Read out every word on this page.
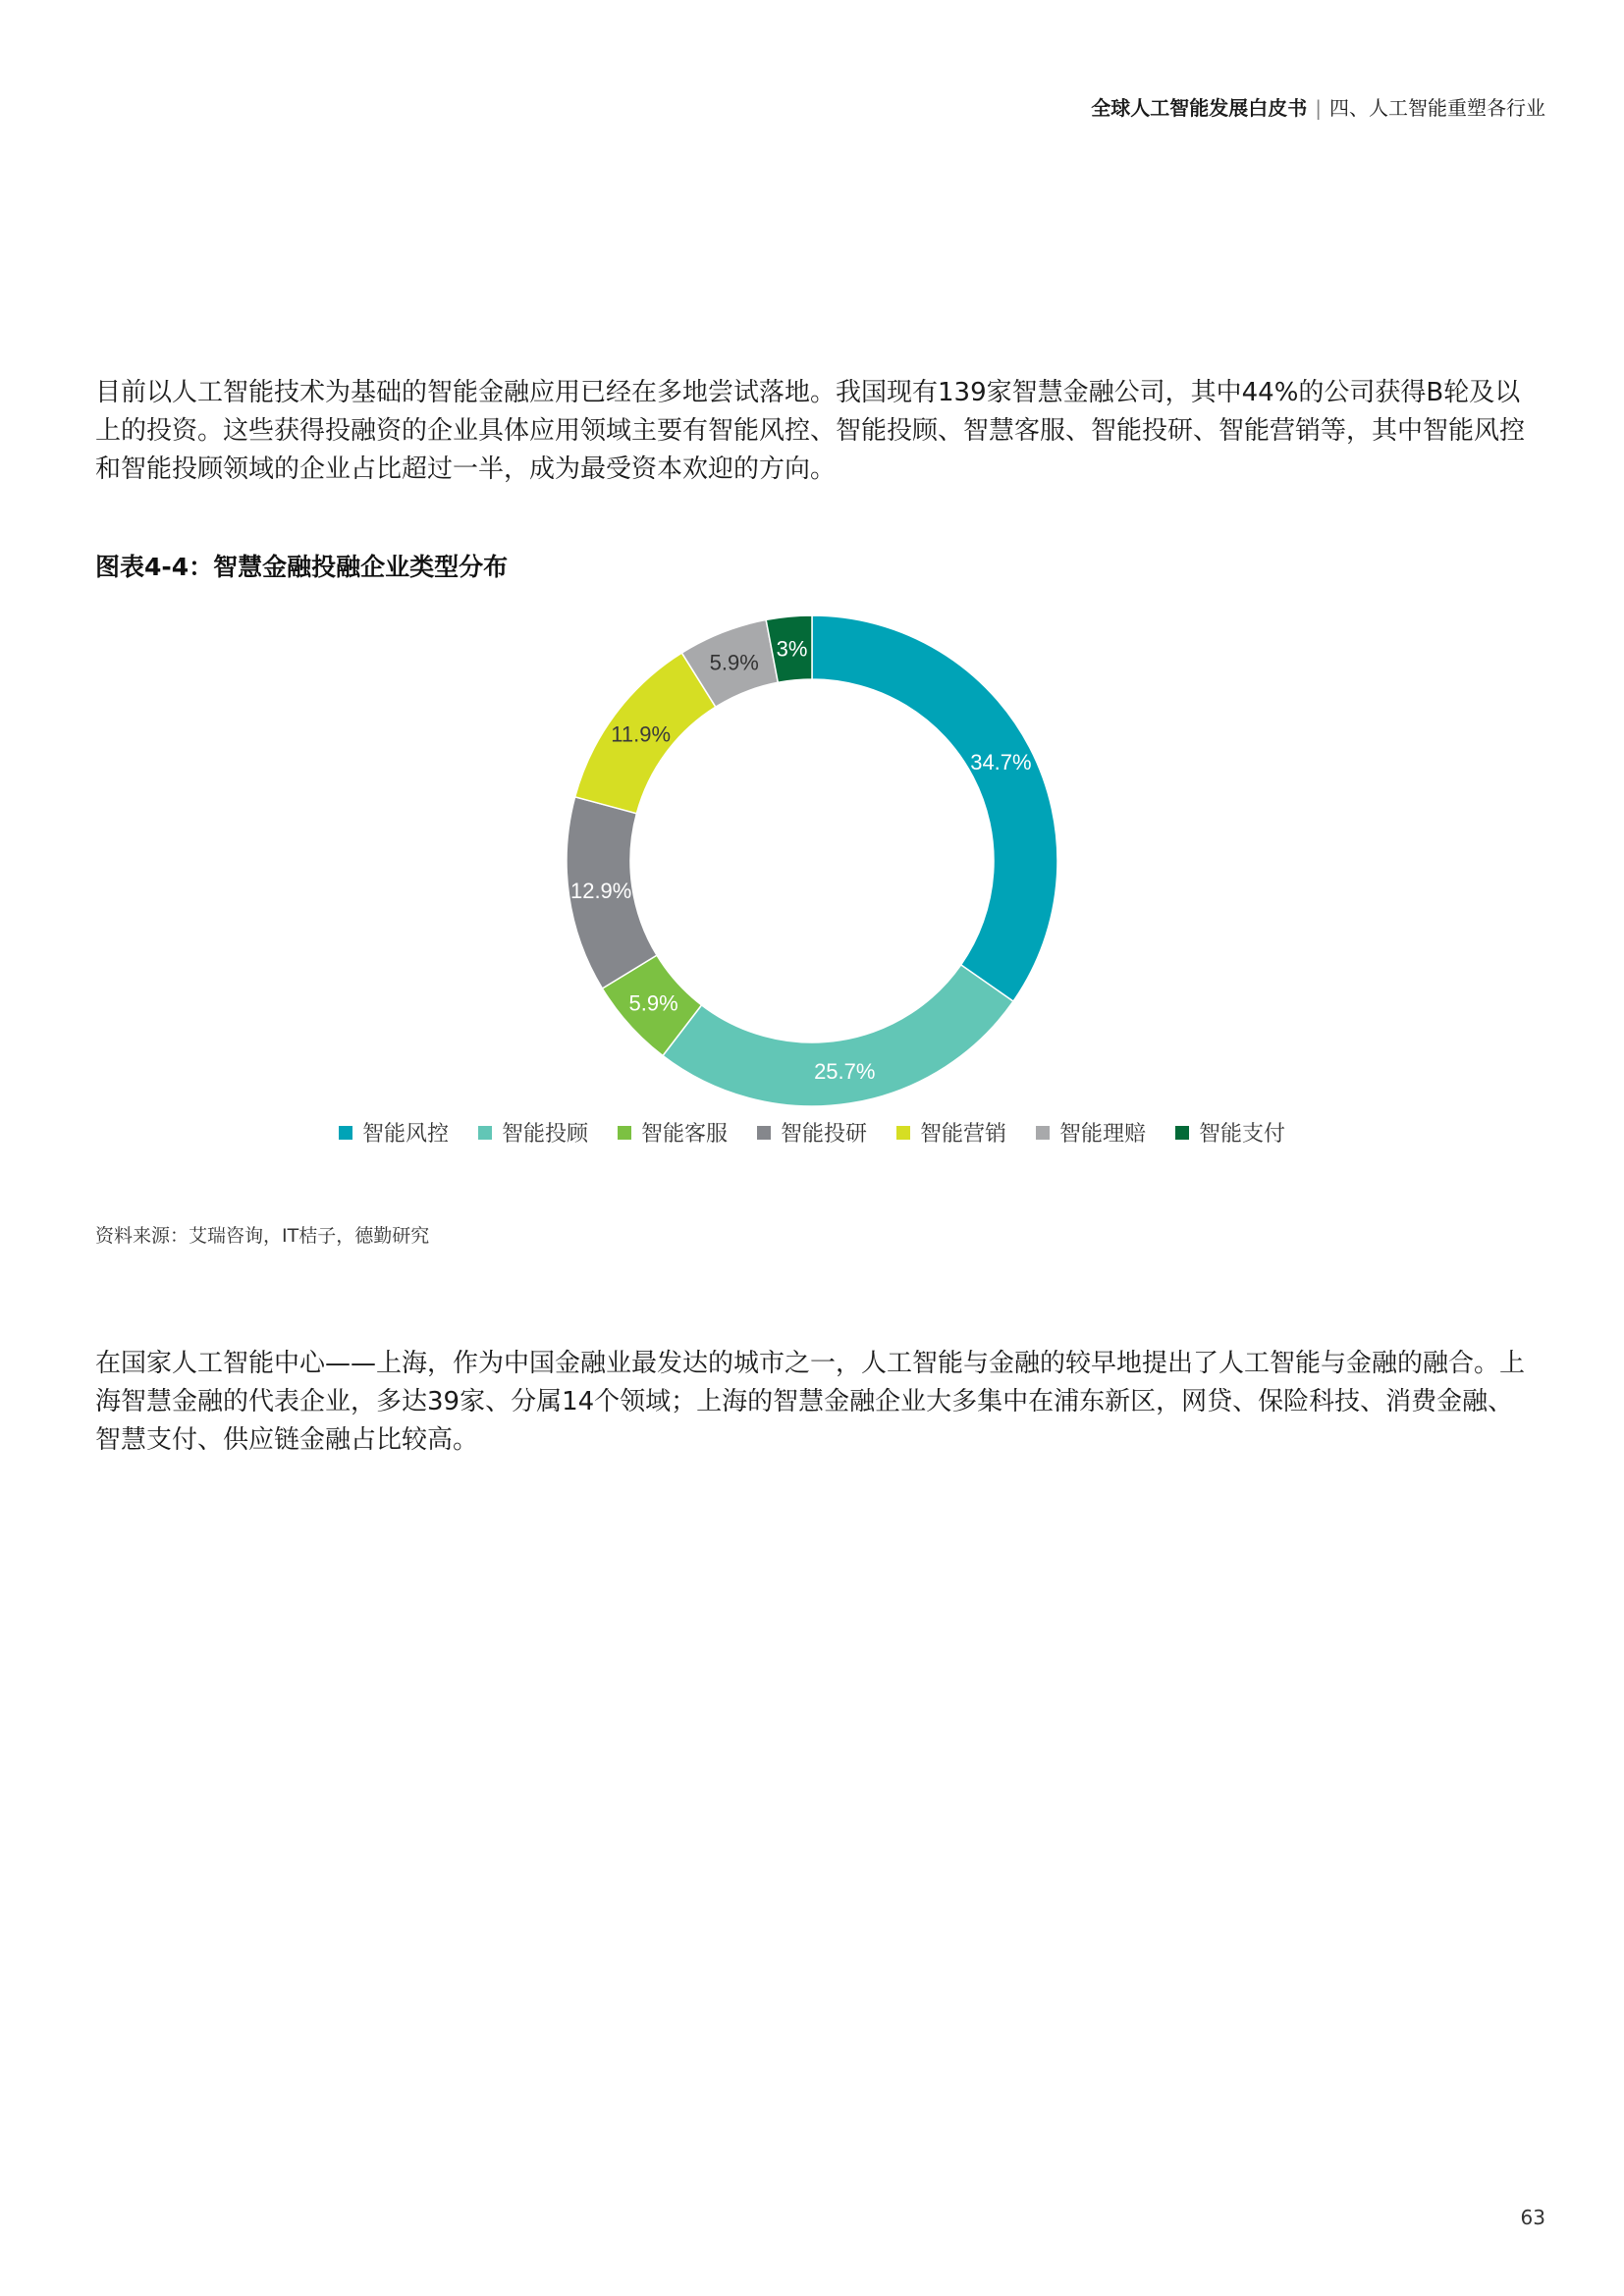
全球人工智能发展白皮书 | 四、人工智能重塑各行业

目前以人工智能技术为基础的智能金融应用已经在多地尝试落地。我国现有139家智慧金融公司，其中44%的公司获得B轮及以上的投资。这些获得投融资的企业具体应用领域主要有智能风控、智能投顾、智慧客服、智能投研、智能营销等，其中智能风控和智能投顾领域的企业占比超过一半，成为最受资本欢迎的方向。

图表4-4：智慧金融投融企业类型分布
34.7%
25.7%
5.9%
12.9%
11.9%
5.9%
3%
智能风控 智能投顾 智能客服 智能投研 智能营销 智能理赔 智能支付
资料来源：艾瑞咨询，IT桔子，德勤研究

在国家人工智能中心——上海，作为中国金融业最发达的城市之一，人工智能与金融的较早地提出了人工智能与金融的融合。上海智慧金融的代表企业，多达39家、分属14个领域；上海的智慧金融企业大多集中在浦东新区，网贷、保险科技、消费金融、智慧支付、供应链金融占比较高。

63
